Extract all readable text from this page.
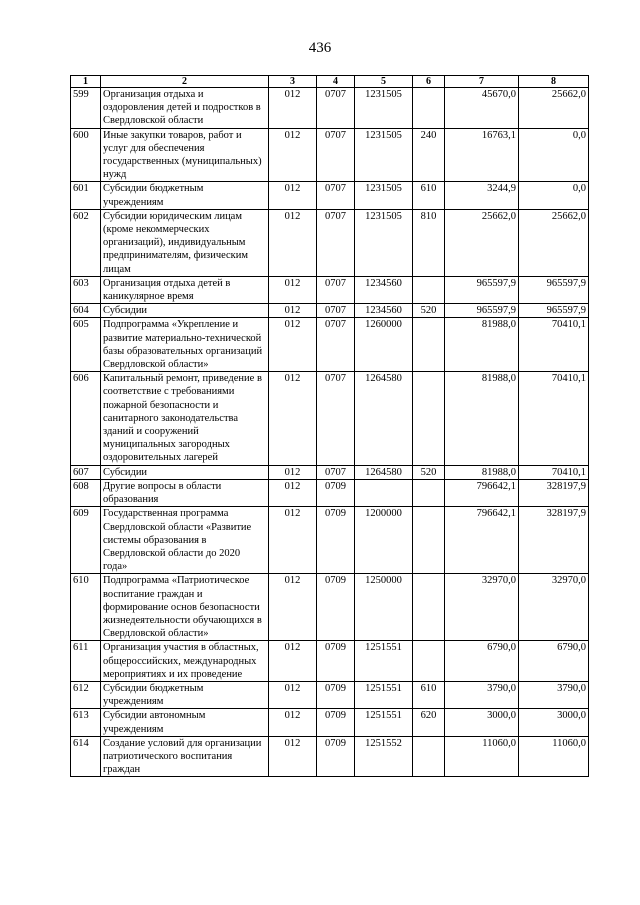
436
1	2	3	4	5	6	7	8
599	Организация отдыха и оздоровления детей и подростков в Свердловской области	012	0707	1231505		45670,0	25662,0
600	Иные закупки товаров, работ и услуг для обеспечения государственных (муниципальных) нужд	012	0707	1231505	240	16763,1	0,0
601	Субсидии бюджетным учреждениям	012	0707	1231505	610	3244,9	0,0
602	Субсидии юридическим лицам (кроме некоммерческих организаций), индивидуальным предпринимателям, физическим лицам	012	0707	1231505	810	25662,0	25662,0
603	Организация отдыха детей в каникулярное время	012	0707	1234560		965597,9	965597,9
604	Субсидии	012	0707	1234560	520	965597,9	965597,9
605	Подпрограмма «Укрепление и развитие материально-технической базы образовательных организаций Свердловской области»	012	0707	1260000		81988,0	70410,1
606	Капитальный ремонт, приведение в соответствие с требованиями пожарной безопасности и санитарного законодательства зданий и сооружений муниципальных загородных оздоровительных лагерей	012	0707	1264580		81988,0	70410,1
607	Субсидии	012	0707	1264580	520	81988,0	70410,1
608	Другие вопросы в области образования	012	0709			796642,1	328197,9
609	Государственная программа Свердловской области «Развитие системы образования в Свердловской области до 2020 года»	012	0709	1200000		796642,1	328197,9
610	Подпрограмма «Патриотическое воспитание граждан и формирование основ безопасности жизнедеятельности обучающихся в Свердловской области»	012	0709	1250000		32970,0	32970,0
611	Организация участия в областных, общероссийских, международных мероприятиях и их проведение	012	0709	1251551		6790,0	6790,0
612	Субсидии бюджетным учреждениям	012	0709	1251551	610	3790,0	3790,0
613	Субсидии автономным учреждениям	012	0709	1251551	620	3000,0	3000,0
614	Создание условий для организации патриотического воспитания граждан	012	0709	1251552		11060,0	11060,0
